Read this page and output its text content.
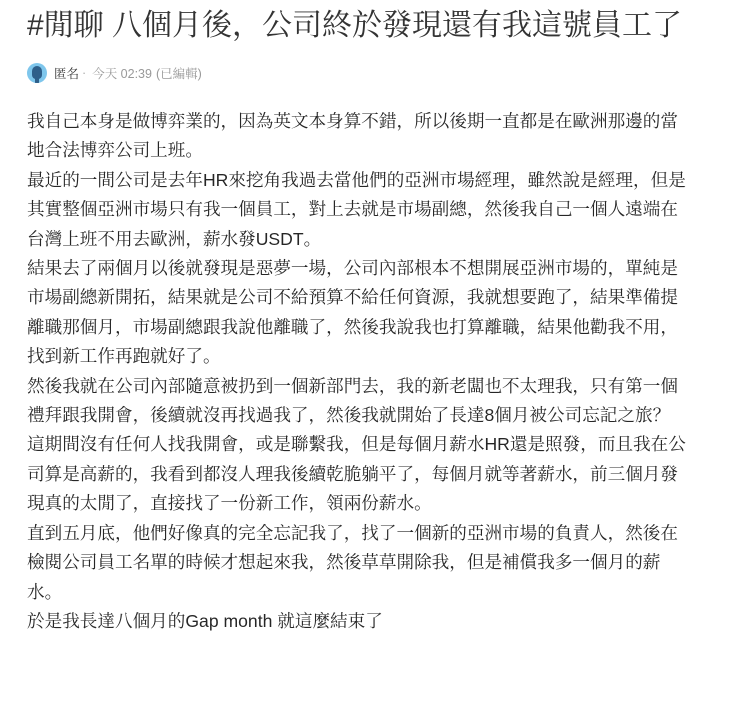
#閒聊 八個月後，公司終於發現還有我這號員工了
匿名 · 今天 02:39 (已編輯)
我自己本身是做博弈業的，因為英文本身算不錯，所以後期一直都是在歐洲那邊的當
地合法博弈公司上班。
最近的一間公司是去年HR來挖角我過去當他們的亞洲市場經理，雖然說是經理，但是
其實整個亞洲市場只有我一個員工，對上去就是市場副總，然後我自己一個人遠端在
台灣上班不用去歐洲，薪水發USDT。
結果去了兩個月以後就發現是惡夢一場，公司內部根本不想開展亞洲市場的，單純是
市場副總新開拓，結果就是公司不給預算不給任何資源，我就想要跑了，結果準備提
離職那個月，市場副總跟我說他離職了，然後我說我也打算離職，結果他勸我不用，
找到新工作再跑就好了。
然後我就在公司內部隨意被扔到一個新部門去，我的新老闆也不太理我，只有第一個
禮拜跟我開會，後續就沒再找過我了，然後我就開始了長達8個月被公司忘記之旅？
這期間沒有任何人找我開會，或是聯繫我，但是每個月薪水HR還是照發，而且我在公
司算是高薪的，我看到都沒人理我後續乾脆躺平了，每個月就等著薪水，前三個月發
現真的太閒了，直接找了一份新工作，領兩份薪水。
直到五月底，他們好像真的完全忘記我了，找了一個新的亞洲市場的負責人，然後在
檢閱公司員工名單的時候才想起來我，然後草草開除我，但是補償我多一個月的薪
水。
於是我長達八個月的Gap month 就這麼結束了
